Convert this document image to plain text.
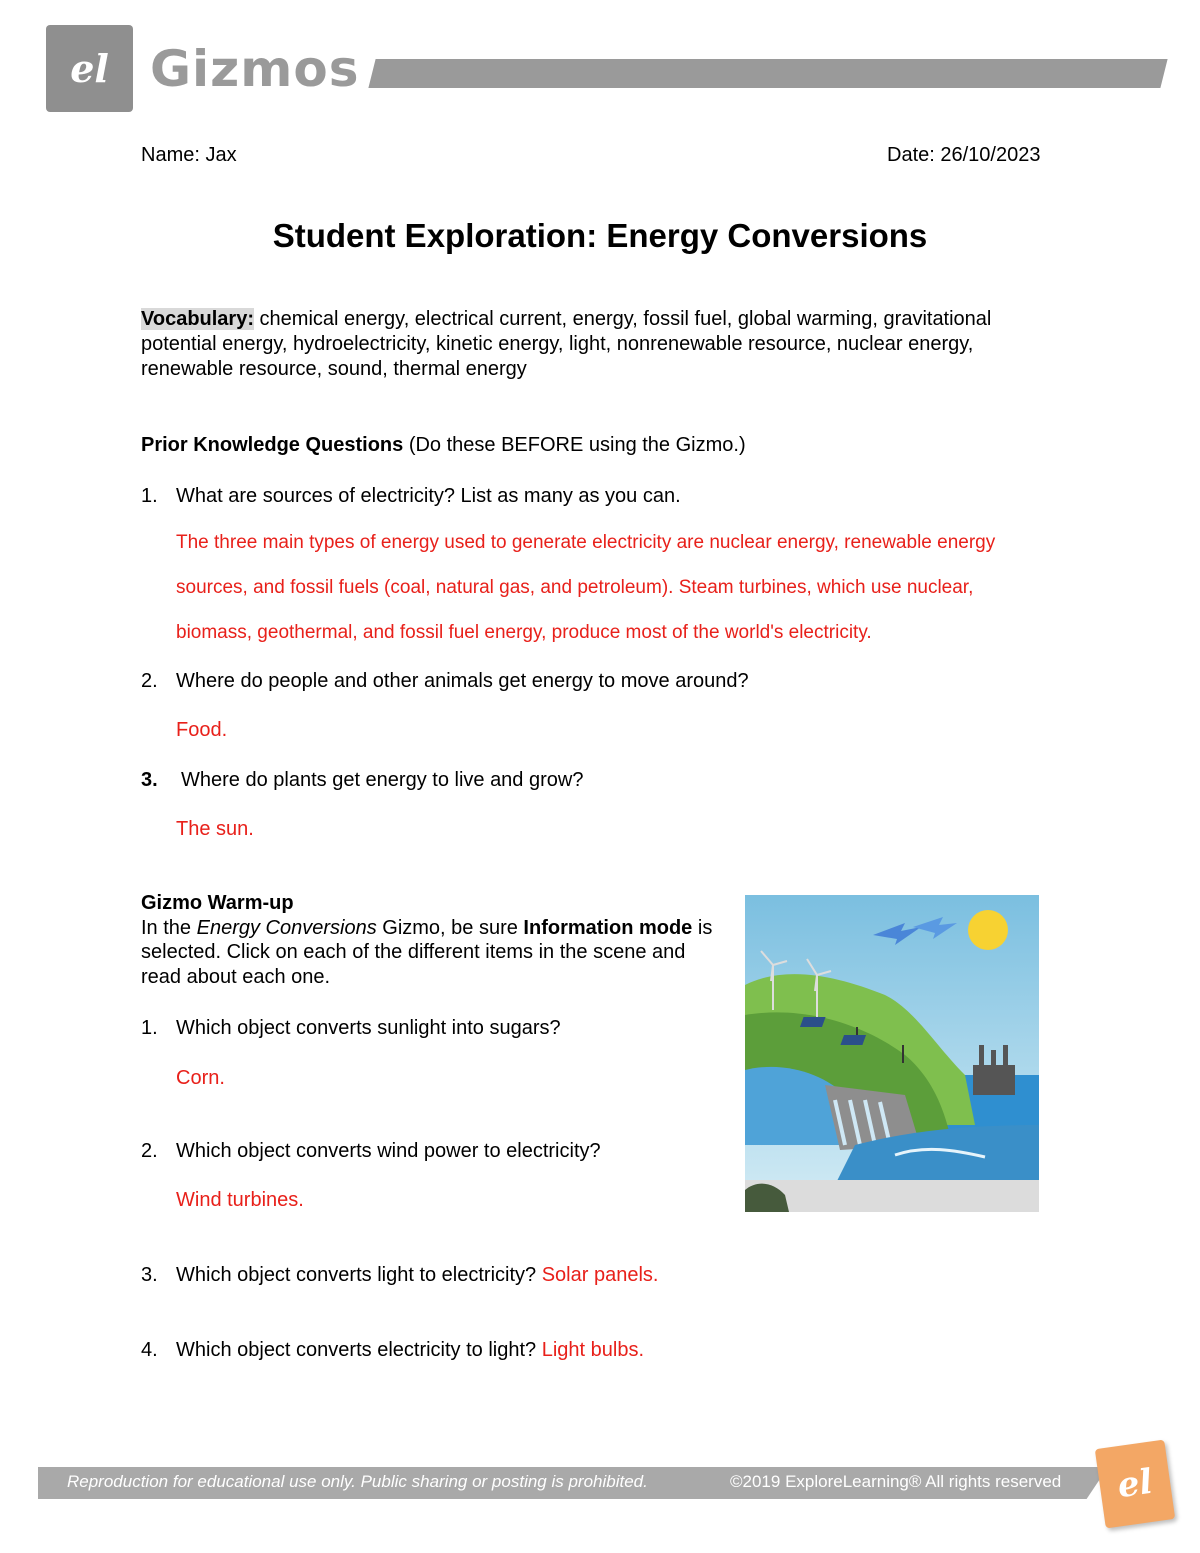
el Gizmos
Name: Jax	Date: 26/10/2023
Student Exploration: Energy Conversions
Vocabulary: chemical energy, electrical current, energy, fossil fuel, global warming, gravitational potential energy, hydroelectricity, kinetic energy, light, nonrenewable resource, nuclear energy, renewable resource, sound, thermal energy
Prior Knowledge Questions (Do these BEFORE using the Gizmo.)
1. What are sources of electricity? List as many as you can.
The three main types of energy used to generate electricity are nuclear energy, renewable energy
sources, and fossil fuels (coal, natural gas, and petroleum). Steam turbines, which use nuclear,
biomass, geothermal, and fossil fuel energy, produce most of the world's electricity.
2. Where do people and other animals get energy to move around?
Food.
3. Where do plants get energy to live and grow?
The sun.
Gizmo Warm-up
In the Energy Conversions Gizmo, be sure Information mode is selected. Click on each of the different items in the scene and read about each one.
1. Which object converts sunlight into sugars?
Corn.
2. Which object converts wind power to electricity?
Wind turbines.
3. Which object converts light to electricity? Solar panels.
4. Which object converts electricity to light? Light bulbs.
Reproduction for educational use only. Public sharing or posting is prohibited.	©2019 ExploreLearning® All rights reserved	el
